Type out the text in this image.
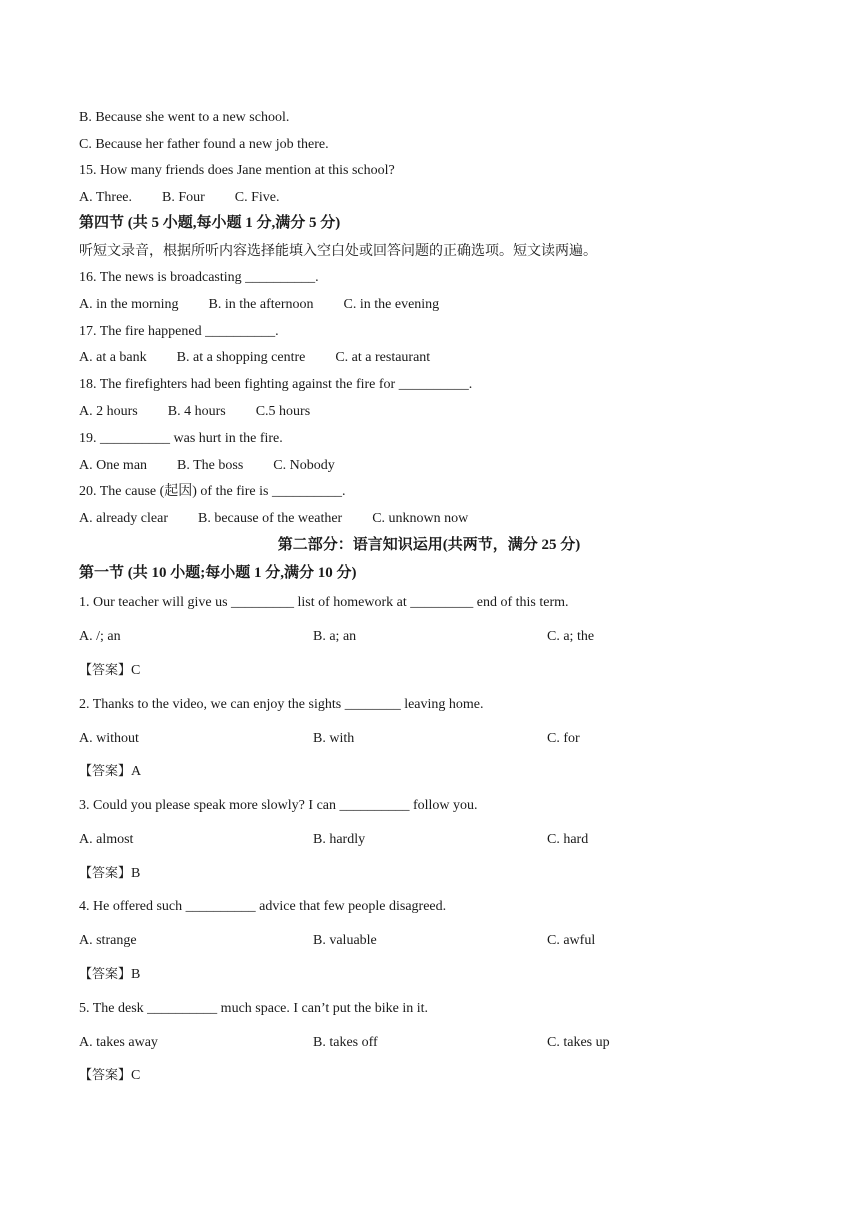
B. Because she went to a new school.
C. Because her father found a new job there.
15. How many friends does Jane mention at this school?
A. Three. B. Four C. Five.
第四节 (共 5 小题,每小题 1 分,满分 5 分)
听短文录音，根据所听内容选择能填入空白处或回答问题的正确选项。短文读两遍。
16. The news is broadcasting __________.
A. in the morning B. in the afternoon C. in the evening
17. The fire happened __________.
A. at a bank B. at a shopping centre C. at a restaurant
18. The firefighters had been fighting against the fire for __________.
A. 2 hours B. 4 hours C.5 hours
19. __________ was hurt in the fire.
A. One man B. The boss C. Nobody
20. The cause (起因) of the fire is __________.
A. already clear B. because of the weather C. unknown now
第二部分：语言知识运用(共两节，满分 25 分)
第一节 (共 10 小题;每小题 1 分,满分 10 分)
1. Our teacher will give us _________ list of homework at _________ end of this term.
A. /; an	B. a; an	C. a; the
【答案】C
2. Thanks to the video, we can enjoy the sights ________ leaving home.
A. without	B. with	C. for
【答案】A
3. Could you please speak more slowly? I can __________ follow you.
A. almost	B. hardly	C. hard
【答案】B
4. He offered such __________ advice that few people disagreed.
A. strange	B. valuable	C. awful
【答案】B
5. The desk __________ much space. I can’t put the bike in it.
A. takes away	B. takes off	C. takes up
【答案】C
